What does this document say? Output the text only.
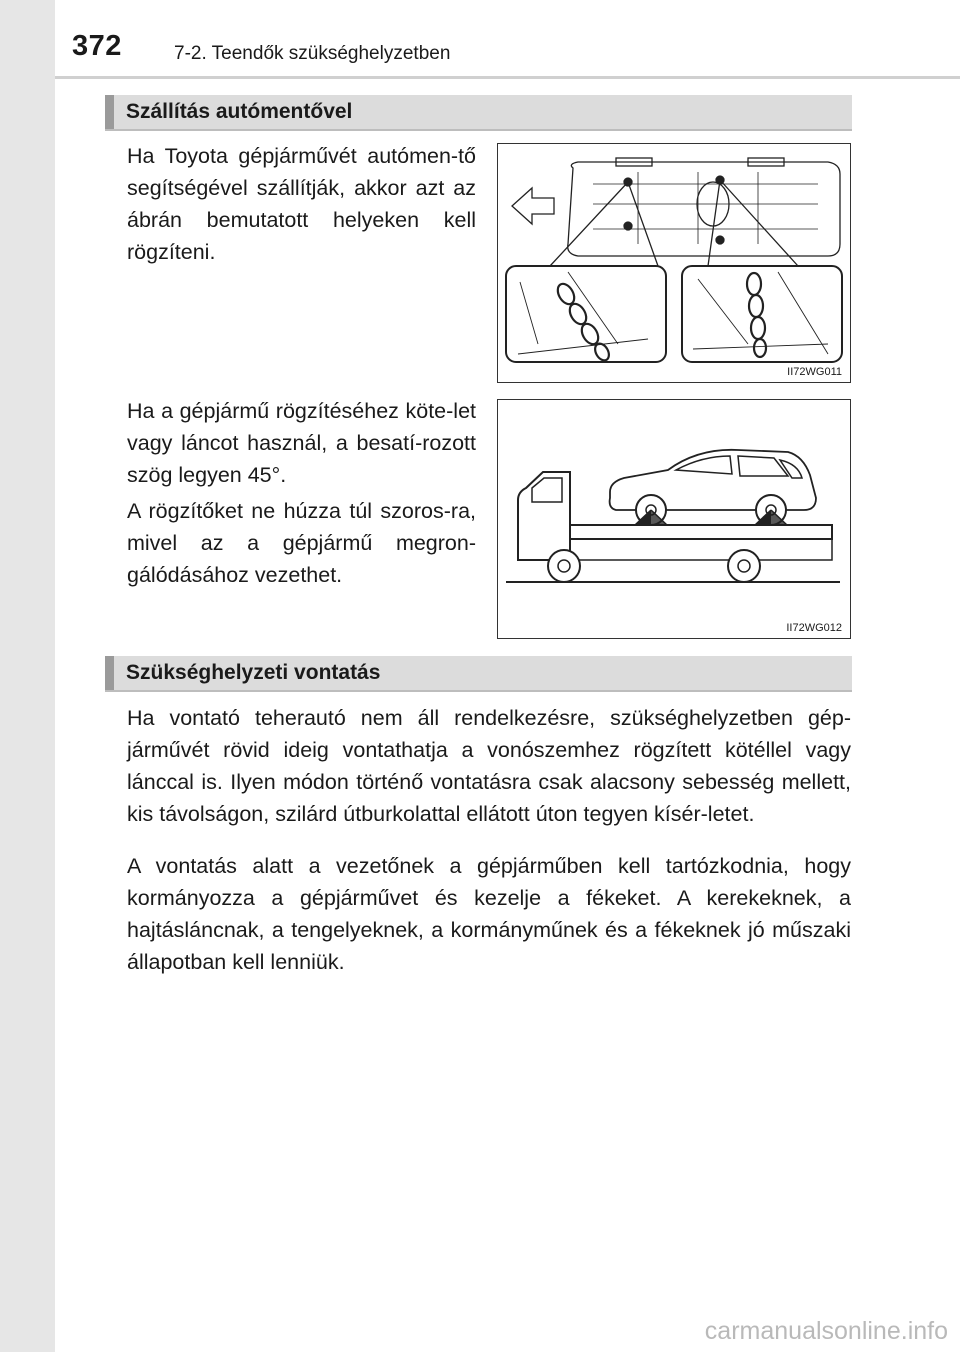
372	7-2. Teendők szükséghelyzetben
Szállítás autómentővel

Ha Toyota gépjárművét autómen-tő segítségével szállítják, akkor azt az ábrán bemutatott helyeken kell rögzíteni.

II72WG011

Ha a gépjármű rögzítéséhez köte-let vagy láncot használ, a besatí-rozott szög legyen 45°.

A rögzítőket ne húzza túl szoros-ra, mivel az a gépjármű megron-gálódásához vezethet.

II72WG012
Szükséghelyzeti vontatás

Ha vontató teherautó nem áll rendelkezésre, szükséghelyzetben gép-járművét rövid ideig vontathatja a vonószemhez rögzített kötéllel vagy lánccal is. Ilyen módon történő vontatásra csak alacsony sebesség mellett, kis távolságon, szilárd útburkolattal ellátott úton tegyen kísér-letet.

A vontatás alatt a vezetőnek a gépjárműben kell tartózkodnia, hogy kormányozza a gépjárművet és kezelje a fékeket. A kerekeknek, a hajtásláncnak, a tengelyeknek, a kormányműnek és a fékeknek jó műszaki állapotban kell lenniük.

carmanualsonline.info
